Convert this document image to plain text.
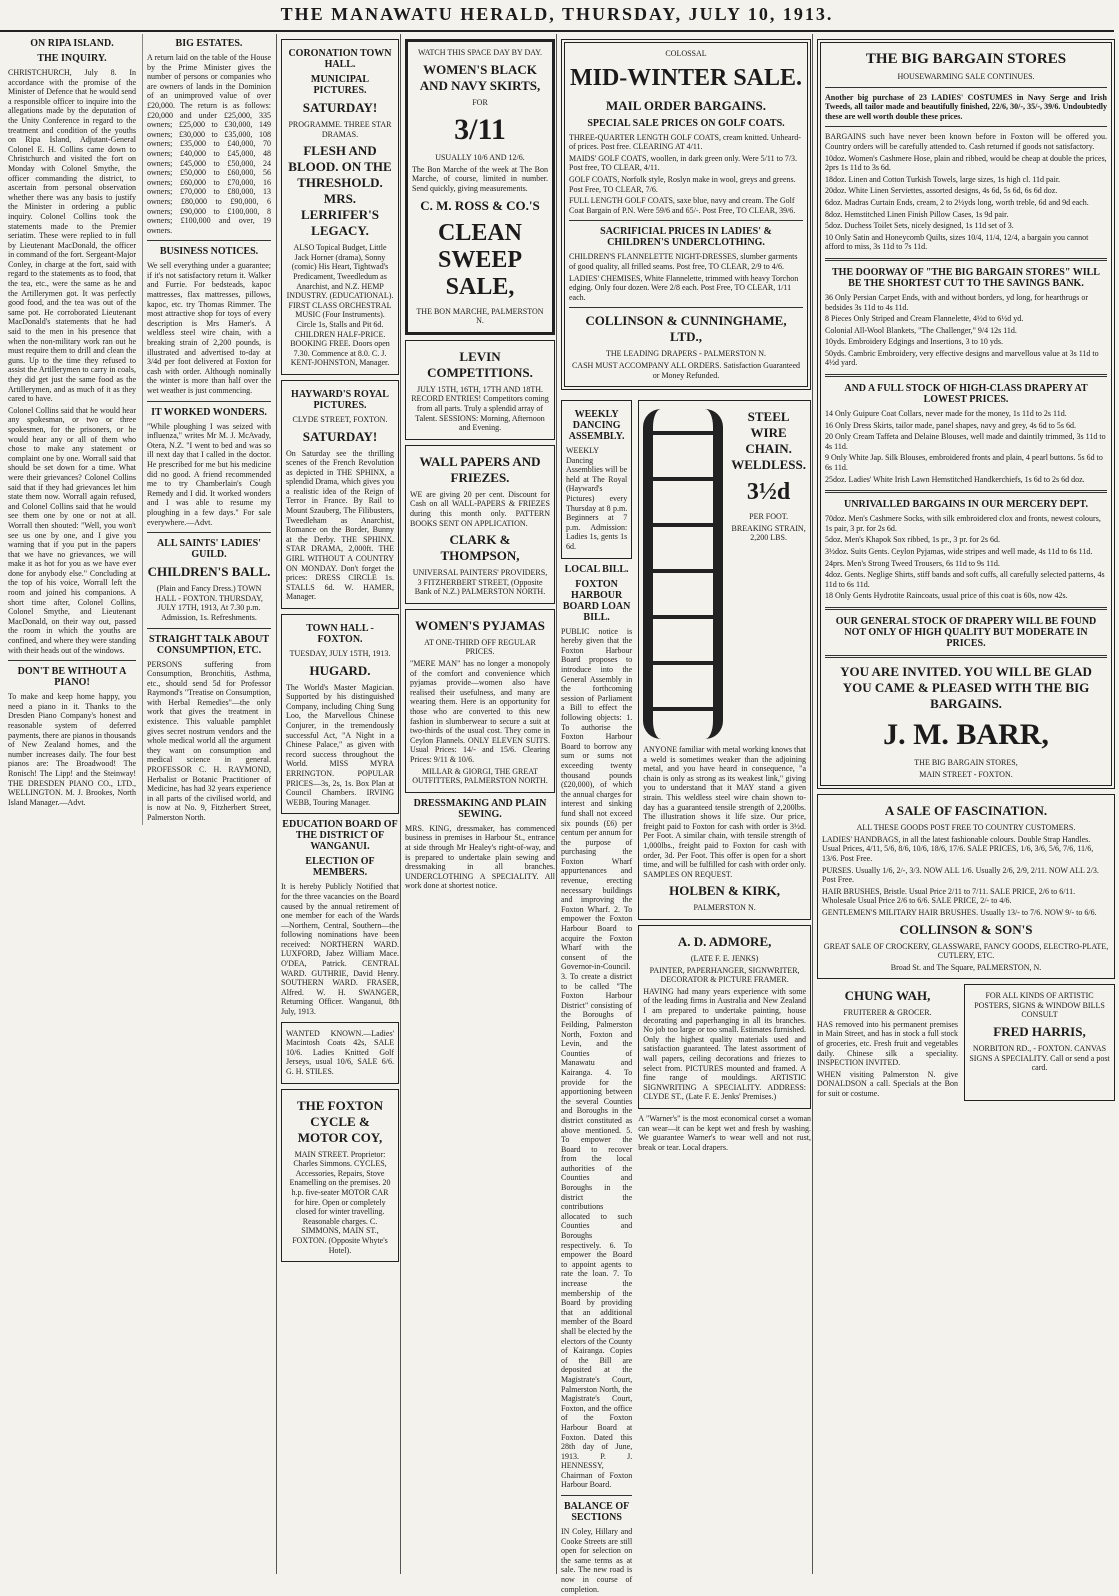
THE MANAWATU HERALD, THURSDAY, JULY 10, 1913.
ON RIPA ISLAND.
THE INQUIRY.

CHRISTCHURCH, July 8. In accordance with the promise of the Minister of Defence that he would send a responsible officer to inquire into the allegations made by the deputation of the Unity Conference in regard to the treatment and condition of the youths on Ripa Island, Adjutant-General Colonel E. H. Collins came down to Christchurch and visited the fort on Monday with Colonel Smythe, the officer commanding the district, to ascertain from personal observation whether there was any basis to justify the Minister in ordering a public inquiry. Colonel Collins took the statements made to the Premier seriatim. These were replied to in full by Lieutenant MacDonald, the officer in command of the fort. Sergeant-Major Conley, in charge at the fort, said with regard to the statements as to food, that the tea, etc., were the same as he and the Artillerymen got. It was perfectly good food, and the tea was out of the same pot. He corroborated Lieutenant MacDonald's statements that he had said to the men in his presence that when the non-military work ran out he must require them to drill and clean the guns. Up to the time they refused to assist the Artillerymen to carry in coals, they did get just the same food as the Artillerymen, and as much of it as they cared to have.

Colonel Collins said that he would hear any spokesman, or two or three spokesmen, for the prisoners, or he would hear any or all of them who chose to make any statement or complaint one by one. Worrall said that should be set down for a time. What were their grievances? Colonel Collins said that if they had grievances let him state them now. Worrall again refused, and Colonel Collins said that he would see them one by one or not at all. Worrall then shouted: "Well, you won't see us one by one, and I give you warning that if you put in the papers that we have no grievances, we will make it as hot for you as we have ever done for anybody else." Concluding at the top of his voice, Worrall left the room and joined his companions. A short time after, Colonel Collins, Colonel Smythe, and Lieutenant MacDonald, on their way out, passed the room in which the youths are confined, and where they were standing with their heads out of the windows.

DON'T BE WITHOUT A PIANO!

To make and keep home happy, you need a piano in it. Thanks to the Dresden Piano Company's honest and reasonable system of deferred payments, there are pianos in thousands of New Zealand homes, and the number increases daily. The four best pianos are: The Broadwood! The Ronisch! The Lipp! and the Steinway! THE DRESDEN PIANO CO., LTD., WELLINGTON. M. J. Brookes, North Island Manager.—Advt.

BIG ESTATES.

A return laid on the table of the House by the Prime Minister gives the number of persons or companies who are owners of lands in the Dominion of an unimproved value of over £20,000. The return is as follows: £20,000 and under £25,000, 335 owners; £25,000 to £30,000, 149 owners; £30,000 to £35,000, 108 owners; £35,000 to £40,000, 70 owners; £40,000 to £45,000, 48 owners; £45,000 to £50,000, 24 owners; £50,000 to £60,000, 56 owners; £60,000 to £70,000, 16 owners; £70,000 to £80,000, 13 owners; £80,000 to £90,000, 6 owners; £90,000 to £100,000, 8 owners; £100,000 and over, 19 owners.

BUSINESS NOTICES.

We sell everything under a guarantee; if it's not satisfactory return it. Walker and Furrie. For bedsteads, kapoc mattresses, flax mattresses, pillows, kapoc, etc. try Thomas Rimmer. The most attractive shop for toys of every description is Mrs Hamer's. A weldless steel wire chain, with a breaking strain of 2,200 pounds, is illustrated and advertised to-day at 3/4d per foot delivered at Foxton for cash with order. Although nominally the winter is more than half over the wet weather is just commencing.

IT WORKED WONDERS.

"While ploughing I was seized with influenza," writes Mr M. J. McAvady, Otera, N.Z. "I went to bed and was so ill next day that I called in the doctor. He prescribed for me but his medicine did no good. A friend recommended me to try Chamberlain's Cough Remedy and I did. It worked wonders and I was able to resume my ploughing in a few days." For sale everywhere.—Advt.

ALL SAINTS' LADIES' GUILD.
CHILDREN'S BALL.

(Plain and Fancy Dress.) TOWN HALL - FOXTON. THURSDAY, JULY 17TH, 1913, At 7.30 p.m. Admission, 1s. Refreshments.

STRAIGHT TALK ABOUT CONSUMPTION, ETC.

PERSONS suffering from Consumption, Bronchitis, Asthma, etc., should send 5d for Professor Raymond's "Treatise on Consumption, with Herbal Remedies"—the only work that gives the treatment in existence. This valuable pamphlet gives secret nostrum vendors and the whole medical world all the argument they want on consumption and medical science in general. PROFESSOR C. H. RAYMOND, Herbalist or Botanic Practitioner of Medicine, has had 32 years experience in all parts of the civilised world, and is now at No. 9, Fitzherbert Street, Palmerston North.

CORONATION TOWN HALL.
MUNICIPAL PICTURES.
SATURDAY!

PROGRAMME. THREE STAR DRAMAS.

FLESH AND BLOOD. ON THE THRESHOLD. MRS. LERRIFER'S LEGACY.

ALSO Topical Budget, Little Jack Horner (drama), Sonny (comic) His Heart, Tightwad's Predicament, Tweedledum as Anarchist, and N.Z. HEMP INDUSTRY. (EDUCATIONAL). FIRST CLASS ORCHESTRAL MUSIC (Four Instruments). Circle 1s, Stalls and Pit 6d. CHILDREN HALF-PRICE. BOOKING FREE. Doors open 7.30. Commence at 8.0. C. J. KENT-JOHNSTON, Manager.

HAYWARD'S ROYAL PICTURES.

CLYDE STREET, FOXTON.

SATURDAY!

On Saturday see the thrilling scenes of the French Revolution as depicted in THE SPHINX, a splendid Drama, which gives you a realistic idea of the Reign of Terror in France. By Rail to Mount Szauberg, The Filibusters, Tweedleham as Anarchist, Romance on the Border, Bunny at the Derby. THE SPHINX. STAR DRAMA, 2,000ft. THE GIRL WITHOUT A COUNTRY ON MONDAY. Don't forget the prices: DRESS CIRCLE 1s. STALLS 6d. W. HAMER, Manager.

TOWN HALL - FOXTON.

TUESDAY, JULY 15TH, 1913.

HUGARD.

The World's Master Magician. Supported by his distinguished Company, including Ching Sung Loo, the Marvellous Chinese Conjurer, in the tremendously successful Act, "A Night in a Chinese Palace," as given with record success throughout the World. MISS MYRA ERRINGTON. POPULAR PRICES—3s, 2s, 1s. Box Plan at Council Chambers. IRVING WEBB, Touring Manager.

EDUCATION BOARD OF THE DISTRICT OF WANGANUI.
ELECTION OF MEMBERS.

It is hereby Publicly Notified that for the three vacancies on the Board caused by the annual retirement of one member for each of the Wards—Northern, Central, Southern—the following nominations have been received: NORTHERN WARD. LUXFORD, Jabez William Mace. O'DEA, Patrick. CENTRAL WARD. GUTHRIE, David Henry. SOUTHERN WARD. FRASER, Alfred. W. H. SWANGER, Returning Officer. Wanganui, 8th July, 1913.

WANTED KNOWN.—Ladies' Macintosh Coats 42s, SALE 10/6. Ladies Knitted Golf Jerseys, usual 10/6, SALE 6/6. G. H. STILES.

THE FOXTON CYCLE & MOTOR COY,

MAIN STREET. Proprietor: Charles Simmons. CYCLES, Accessories, Repairs, Stove Enamelling on the premises. 20 h.p. five-seater MOTOR CAR for hire. Open or completely closed for winter travelling. Reasonable charges. C. SIMMONS, MAIN ST., FOXTON. (Opposite Whyte's Hotel).

WATCH THIS SPACE DAY BY DAY.

WOMEN'S BLACK AND NAVY SKIRTS,

FOR

3/11

USUALLY 10/6 AND 12/6.

The Bon Marche of the week at The Bon Marche, of course, limited in number. Send quickly, giving measurements.

C. M. ROSS & CO.'S
CLEAN SWEEP SALE,

THE BON MARCHE, PALMERSTON N.

LEVIN COMPETITIONS.

JULY 15TH, 16TH, 17TH AND 18TH. RECORD ENTRIES! Competitors coming from all parts. Truly a splendid array of Talent. SESSIONS: Morning, Afternoon and Evening.

WALL PAPERS AND FRIEZES.

WE are giving 20 per cent. Discount for Cash on all WALL-PAPERS & FRIEZES during this month only. PATTERN BOOKS SENT ON APPLICATION.

CLARK & THOMPSON,

UNIVERSAL PAINTERS' PROVIDERS, 3 FITZHERBERT STREET, (Opposite Bank of N.Z.) PALMERSTON NORTH.

WOMEN'S PYJAMAS

AT ONE-THIRD OFF REGULAR PRICES.

"MERE MAN" has no longer a monopoly of the comfort and convenience which pyjamas provide—women also have realised their usefulness, and many are wearing them. Here is an opportunity for those who are converted to this new fashion in slumberwear to secure a suit at two-thirds of the usual cost. They come in Ceylon Flannels. ONLY ELEVEN SUITS. Usual Prices: 14/- and 15/6. Clearing Prices: 9/11 & 10/6.

MILLAR & GIORGI, THE GREAT OUTFITTERS, PALMERSTON NORTH.

DRESSMAKING AND PLAIN SEWING.

MRS. KING, dressmaker, has commenced business in premises in Harbour St., entrance at side through Mr Healey's right-of-way, and is prepared to undertake plain sewing and dressmaking in all branches. UNDERCLOTHING A SPECIALITY. All work done at shortest notice.

COLOSSAL

MID-WINTER SALE.
MAIL ORDER BARGAINS.
SPECIAL SALE PRICES ON GOLF COATS.
THREE-QUARTER LENGTH GOLF COATS, cream knitted. Unheard-of prices. Post free. CLEARING AT 4/11.
MAIDS' GOLF COATS, woollen, in dark green only. Were 5/11 to 7/3. Post free, TO CLEAR, 4/11.
GOLF COATS, Norfolk style, Roslyn make in wool, greys and greens. Post Free, TO CLEAR, 7/6.
FULL LENGTH GOLF COATS, saxe blue, navy and cream. The Golf Coat Bargain of P.N. Were 59/6 and 65/-. Post Free, TO CLEAR, 39/6.
SACRIFICIAL PRICES IN LADIES' & CHILDREN'S UNDERCLOTHING.
CHILDREN'S FLANNELETTE NIGHT-DRESSES, slumber garments of good quality, all frilled seams. Post free, TO CLEAR, 2/9 to 4/6.
LADIES' CHEMISES, White Flannelette, trimmed with heavy Torchon edging. Only four dozen. Were 2/8 each. Post Free, TO CLEAR, 1/11 each.
COLLINSON & CUNNINGHAME, LTD.,

THE LEADING DRAPERS - PALMERSTON N.

CASH MUST ACCOMPANY ALL ORDERS. Satisfaction Guaranteed or Money Refunded.

WEEKLY DANCING ASSEMBLY.

WEEKLY Dancing Assemblies will be held at The Royal (Hayward's Pictures) every Thursday at 8 p.m. Beginners at 7 p.m. Admission: Ladies 1s, gents 1s 6d.

LOCAL BILL.
FOXTON HARBOUR BOARD LOAN BILL.

PUBLIC notice is hereby given that the Foxton Harbour Board proposes to introduce into the General Assembly in the forthcoming session of Parliament a Bill to effect the following objects: 1. To authorise the Foxton Harbour Board to borrow any sum or sums not exceeding twenty thousand pounds (£20,000), of which the annual charges for interest and sinking fund shall not exceed six pounds (£6) per centum per annum for the purpose of purchasing the Foxton Wharf appurtenances and revenue, erecting necessary buildings and improving the Foxton Wharf. 2. To empower the Foxton Harbour Board to acquire the Foxton Wharf with the consent of the Governor-in-Council. 3. To create a district to be called "The Foxton Harbour District" consisting of the Boroughs of Feilding, Palmerston North, Foxton and Levin, and the Counties of Manawatu and Kairanga. 4. To provide for the apportioning between the several Counties and Boroughs in the district constituted as above mentioned. 5. To empower the Board to recover from the local authorities of the Counties and Boroughs in the district the contributions allocated to such Counties and Boroughs respectively. 6. To empower the Board to appoint agents to rate the loan. 7. To increase the membership of the Board by providing that an additional member of the Board shall be elected by the electors of the County of Kairanga. Copies of the Bill are deposited at the Magistrate's Court, Palmerston North, the Magistrate's Court, Foxton, and the office of the Foxton Harbour Board at Foxton. Dated this 28th day of June, 1913. P. J. HENNESSY, Chairman of Foxton Harbour Board.

BALANCE OF SECTIONS

IN Coley, Hillary and Cooke Streets are still open for selection on the same terms as at sale. The new road is now in course of completion.

STEEL WIRE CHAIN. WELDLESS.
3½d

PER FOOT.

BREAKING STRAIN, 2,200 LBS.

ANYONE familiar with metal working knows that a weld is sometimes weaker than the adjoining metal, and you have heard in consequence, "a chain is only as strong as its weakest link," giving you to understand that it MAY stand a given strain. This weldless steel wire chain shown to-day has a guaranteed tensile strength of 2,200lbs. The illustration shows it life size. Our price, freight paid to Foxton for cash with order is 3½d. Per Foot. A similar chain, with tensile strength of 1,000lbs., freight paid to Foxton for cash with order, 3d. Per Foot. This offer is open for a short time, and will be fulfilled for cash with order only. SAMPLES ON REQUEST.

HOLBEN & KIRK,

PALMERSTON N.

A. D. ADMORE,

(LATE F. E. JENKS)

PAINTER, PAPERHANGER, SIGNWRITER, DECORATOR & PICTURE FRAMER.

HAVING had many years experience with some of the leading firms in Australia and New Zealand I am prepared to undertake painting, house decorating and paperhanging in all its branches. No job too large or too small. Estimates furnished. Only the highest quality materials used and satisfaction guaranteed. The latest assortment of wall papers, ceiling decorations and friezes to select from. PICTURES mounted and framed. A fine range of mouldings. ARTISTIC SIGNWRITING A SPECIALITY. ADDRESS: CLYDE ST., (Late F. E. Jenks' Premises.)

A "Warner's" is the most economical corset a woman can wear—it can be kept wet and fresh by washing. We guarantee Warner's to wear well and not rust, break or tear. Local drapers.

THE BIG BARGAIN STORES

HOUSEWARMING SALE CONTINUES.

Another big purchase of 23 LADIES' COSTUMES in Navy Serge and Irish Tweeds, all tailor made and beautifully finished, 22/6, 30/-, 35/-, 39/6. Undoubtedly these are well worth double these prices.

BARGAINS such have never been known before in Foxton will be offered you. Country orders will be carefully attended to. Cash returned if goods not satisfactory.

10doz. Women's Cashmere Hose, plain and ribbed, would be cheap at double the prices, 2prs 1s 11d to 3s 6d.
18doz. Linen and Cotton Turkish Towels, large sizes, 1s high cl. 11d pair.
20doz. White Linen Serviettes, assorted designs, 4s 6d, 5s 6d, 6s 6d doz.
6doz. Madras Curtain Ends, cream, 2 to 2½yds long, worth treble, 6d and 9d each.
8doz. Hemstitched Linen Finish Pillow Cases, 1s 9d pair.
5doz. Duchess Toilet Sets, nicely designed, 1s 11d set of 3.
10 Only Satin and Honeycomb Quilts, sizes 10/4, 11/4, 12/4, a bargain you cannot afford to miss, 3s 11d to 7s 11d.
THE DOORWAY OF "THE BIG BARGAIN STORES" WILL BE THE SHORTEST CUT TO THE SAVINGS BANK.
36 Only Persian Carpet Ends, with and without borders, yd long, for hearthrugs or bedsides 3s 11d to 4s 11d.
8 Pieces Only Striped and Cream Flannelette, 4½d to 6½d yd.
Colonial All-Wool Blankets, "The Challenger," 9/4 12s 11d.
10yds. Embroidery Edgings and Insertions, 3 to 10 yds.
50yds. Cambric Embroidery, very effective designs and marvellous value at 3s 11d to 4½d yard.
AND A FULL STOCK OF HIGH-CLASS DRAPERY AT LOWEST PRICES.
14 Only Guipure Coat Collars, never made for the money, 1s 11d to 2s 11d.
16 Only Dress Skirts, tailor made, panel shapes, navy and grey, 4s 6d to 5s 6d.
20 Only Cream Taffeta and Delaine Blouses, well made and daintily trimmed, 3s 11d to 4s 11d.
9 Only White Jap. Silk Blouses, embroidered fronts and plain, 4 pearl buttons. 5s 6d to 6s 11d.
25doz. Ladies' White Irish Lawn Hemstitched Handkerchiefs, 1s 6d to 2s 6d doz.
UNRIVALLED BARGAINS IN OUR MERCERY DEPT.
70doz. Men's Cashmere Socks, with silk embroidered clox and fronts, newest colours, 1s pair, 3 pr. for 2s 6d.
5doz. Men's Khapok Sox ribbed, 1s pr., 3 pr. for 2s 6d.
3½doz. Suits Gents. Ceylon Pyjamas, wide stripes and well made, 4s 11d to 6s 11d.
24prs. Men's Strong Tweed Trousers, 6s 11d to 9s 11d.
4doz. Gents. Neglige Shirts, stiff bands and soft cuffs, all carefully selected patterns, 4s 11d to 6s 11d.
18 Only Gents Hydrotite Raincoats, usual price of this coat is 60s, now 42s.
OUR GENERAL STOCK OF DRAPERY WILL BE FOUND NOT ONLY OF HIGH QUALITY BUT MODERATE IN PRICES.
YOU ARE INVITED. YOU WILL BE GLAD YOU CAME & PLEASED WITH THE BIG BARGAINS.
J. M. BARR,

THE BIG BARGAIN STORES,

MAIN STREET - FOXTON.

A SALE OF FASCINATION.

ALL THESE GOODS POST FREE TO COUNTRY CUSTOMERS.

LADIES' HANDBAGS, in all the latest fashionable colours. Double Strap Handles. Usual Prices, 4/11, 5/6, 8/6, 10/6, 18/6, 17/6. SALE PRICES, 1/6, 3/6, 5/6, 7/6, 11/6, 13/6. Post Free.
PURSES. Usually 1/6, 2/-, 3/3. NOW ALL 1/6. Usually 2/6, 2/9, 2/11. NOW ALL 2/3. Post Free.
HAIR BRUSHES, Bristle. Usual Price 2/11 to 7/11. SALE PRICE, 2/6 to 6/11. Wholesale Usual Price 2/6 to 6/6. SALE PRICE, 2/- to 4/6.
GENTLEMEN'S MILITARY HAIR BRUSHES. Usually 13/- to 7/6. NOW 9/- to 6/6.
COLLINSON & SON'S

GREAT SALE OF CROCKERY, GLASSWARE, FANCY GOODS, ELECTRO-PLATE, CUTLERY, ETC.

Broad St. and The Square, PALMERSTON, N.

CHUNG WAH,

FRUITERER & GROCER.

HAS removed into his permanent premises in Main Street, and has in stock a full stock of groceries, etc. Fresh fruit and vegetables daily. Chinese silk a speciality. INSPECTION INVITED.

WHEN visiting Palmerston N. give DONALDSON a call. Specials at the Bon for suit or costume.

FOR ALL KINDS OF ARTISTIC POSTERS, SIGNS & WINDOW BILLS CONSULT

FRED HARRIS,

NORBITON RD., - FOXTON. CANVAS SIGNS A SPECIALITY. Call or send a post card.
